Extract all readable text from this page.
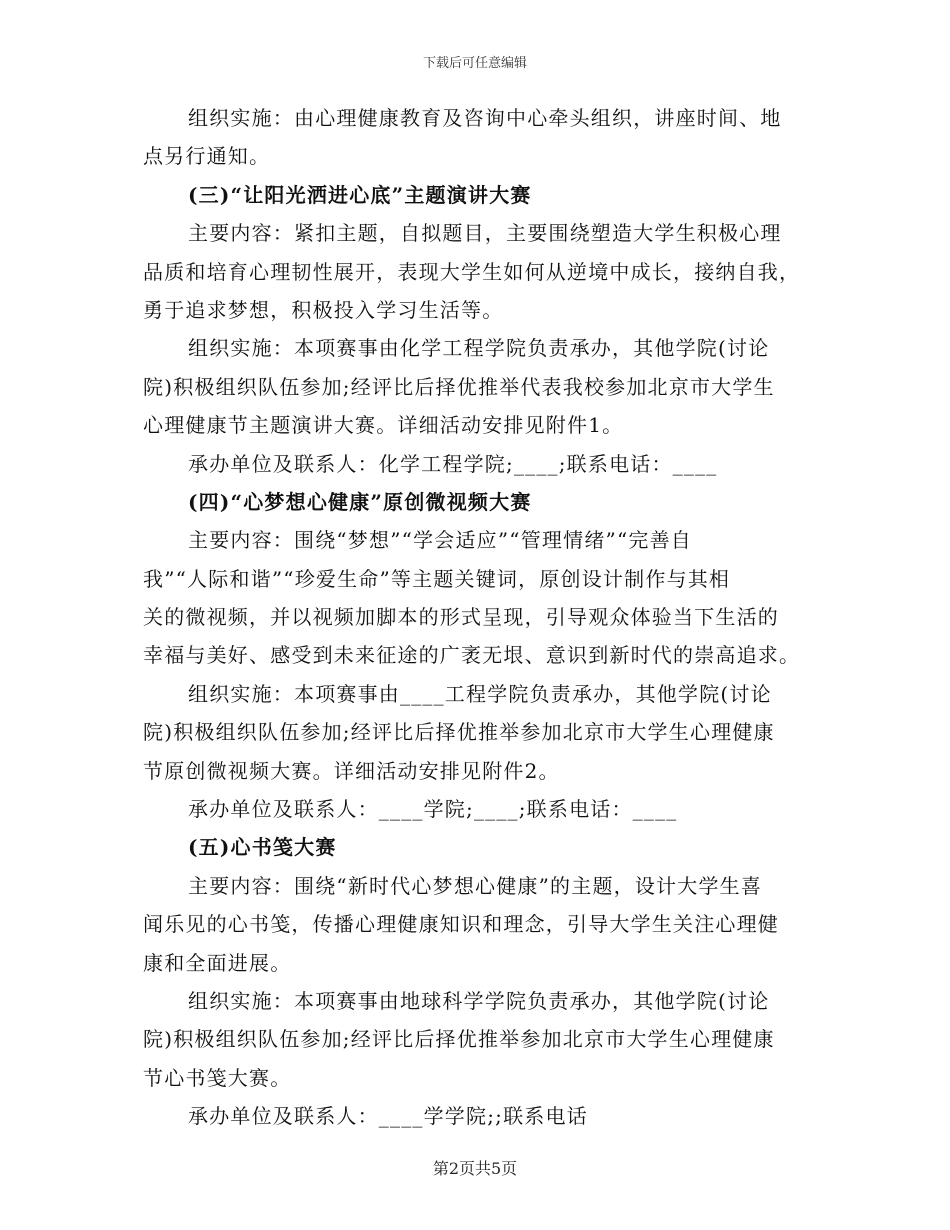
下载后可任意编辑
组织实施：由心理健康教育及咨询中心牵头组织，讲座时间、地
点另行通知。
(三)“让阳光洒进心底”主题演讲大赛
主要内容：紧扣主题，自拟题目，主要围绕塑造大学生积极心理
品质和培育心理韧性展开，表现大学生如何从逆境中成长，接纳自我，
勇于追求梦想，积极投入学习生活等。
组织实施：本项赛事由化学工程学院负责承办，其他学院(讨论
院)积极组织队伍参加;经评比后择优推举代表我校参加北京市大学生
心理健康节主题演讲大赛。详细活动安排见附件1。
承办单位及联系人：化学工程学院;____;联系电话：____
(四)“心梦想心健康”原创微视频大赛
主要内容：围绕“梦想”“学会适应”“管理情绪”“完善自
我”“人际和谐”“珍爱生命”等主题关键词，原创设计制作与其相
关的微视频，并以视频加脚本的形式呈现，引导观众体验当下生活的
幸福与美好、感受到未来征途的广袤无垠、意识到新时代的崇高追求。
组织实施：本项赛事由____工程学院负责承办，其他学院(讨论
院)积极组织队伍参加;经评比后择优推举参加北京市大学生心理健康
节原创微视频大赛。详细活动安排见附件2。
承办单位及联系人：____学院;____;联系电话：____
(五)心书笺大赛
主要内容：围绕“新时代心梦想心健康”的主题，设计大学生喜
闻乐见的心书笺，传播心理健康知识和理念，引导大学生关注心理健
康和全面进展。
组织实施：本项赛事由地球科学学院负责承办，其他学院(讨论
院)积极组织队伍参加;经评比后择优推举参加北京市大学生心理健康
节心书笺大赛。
承办单位及联系人：____学学院;;联系电话
第2页共5页
